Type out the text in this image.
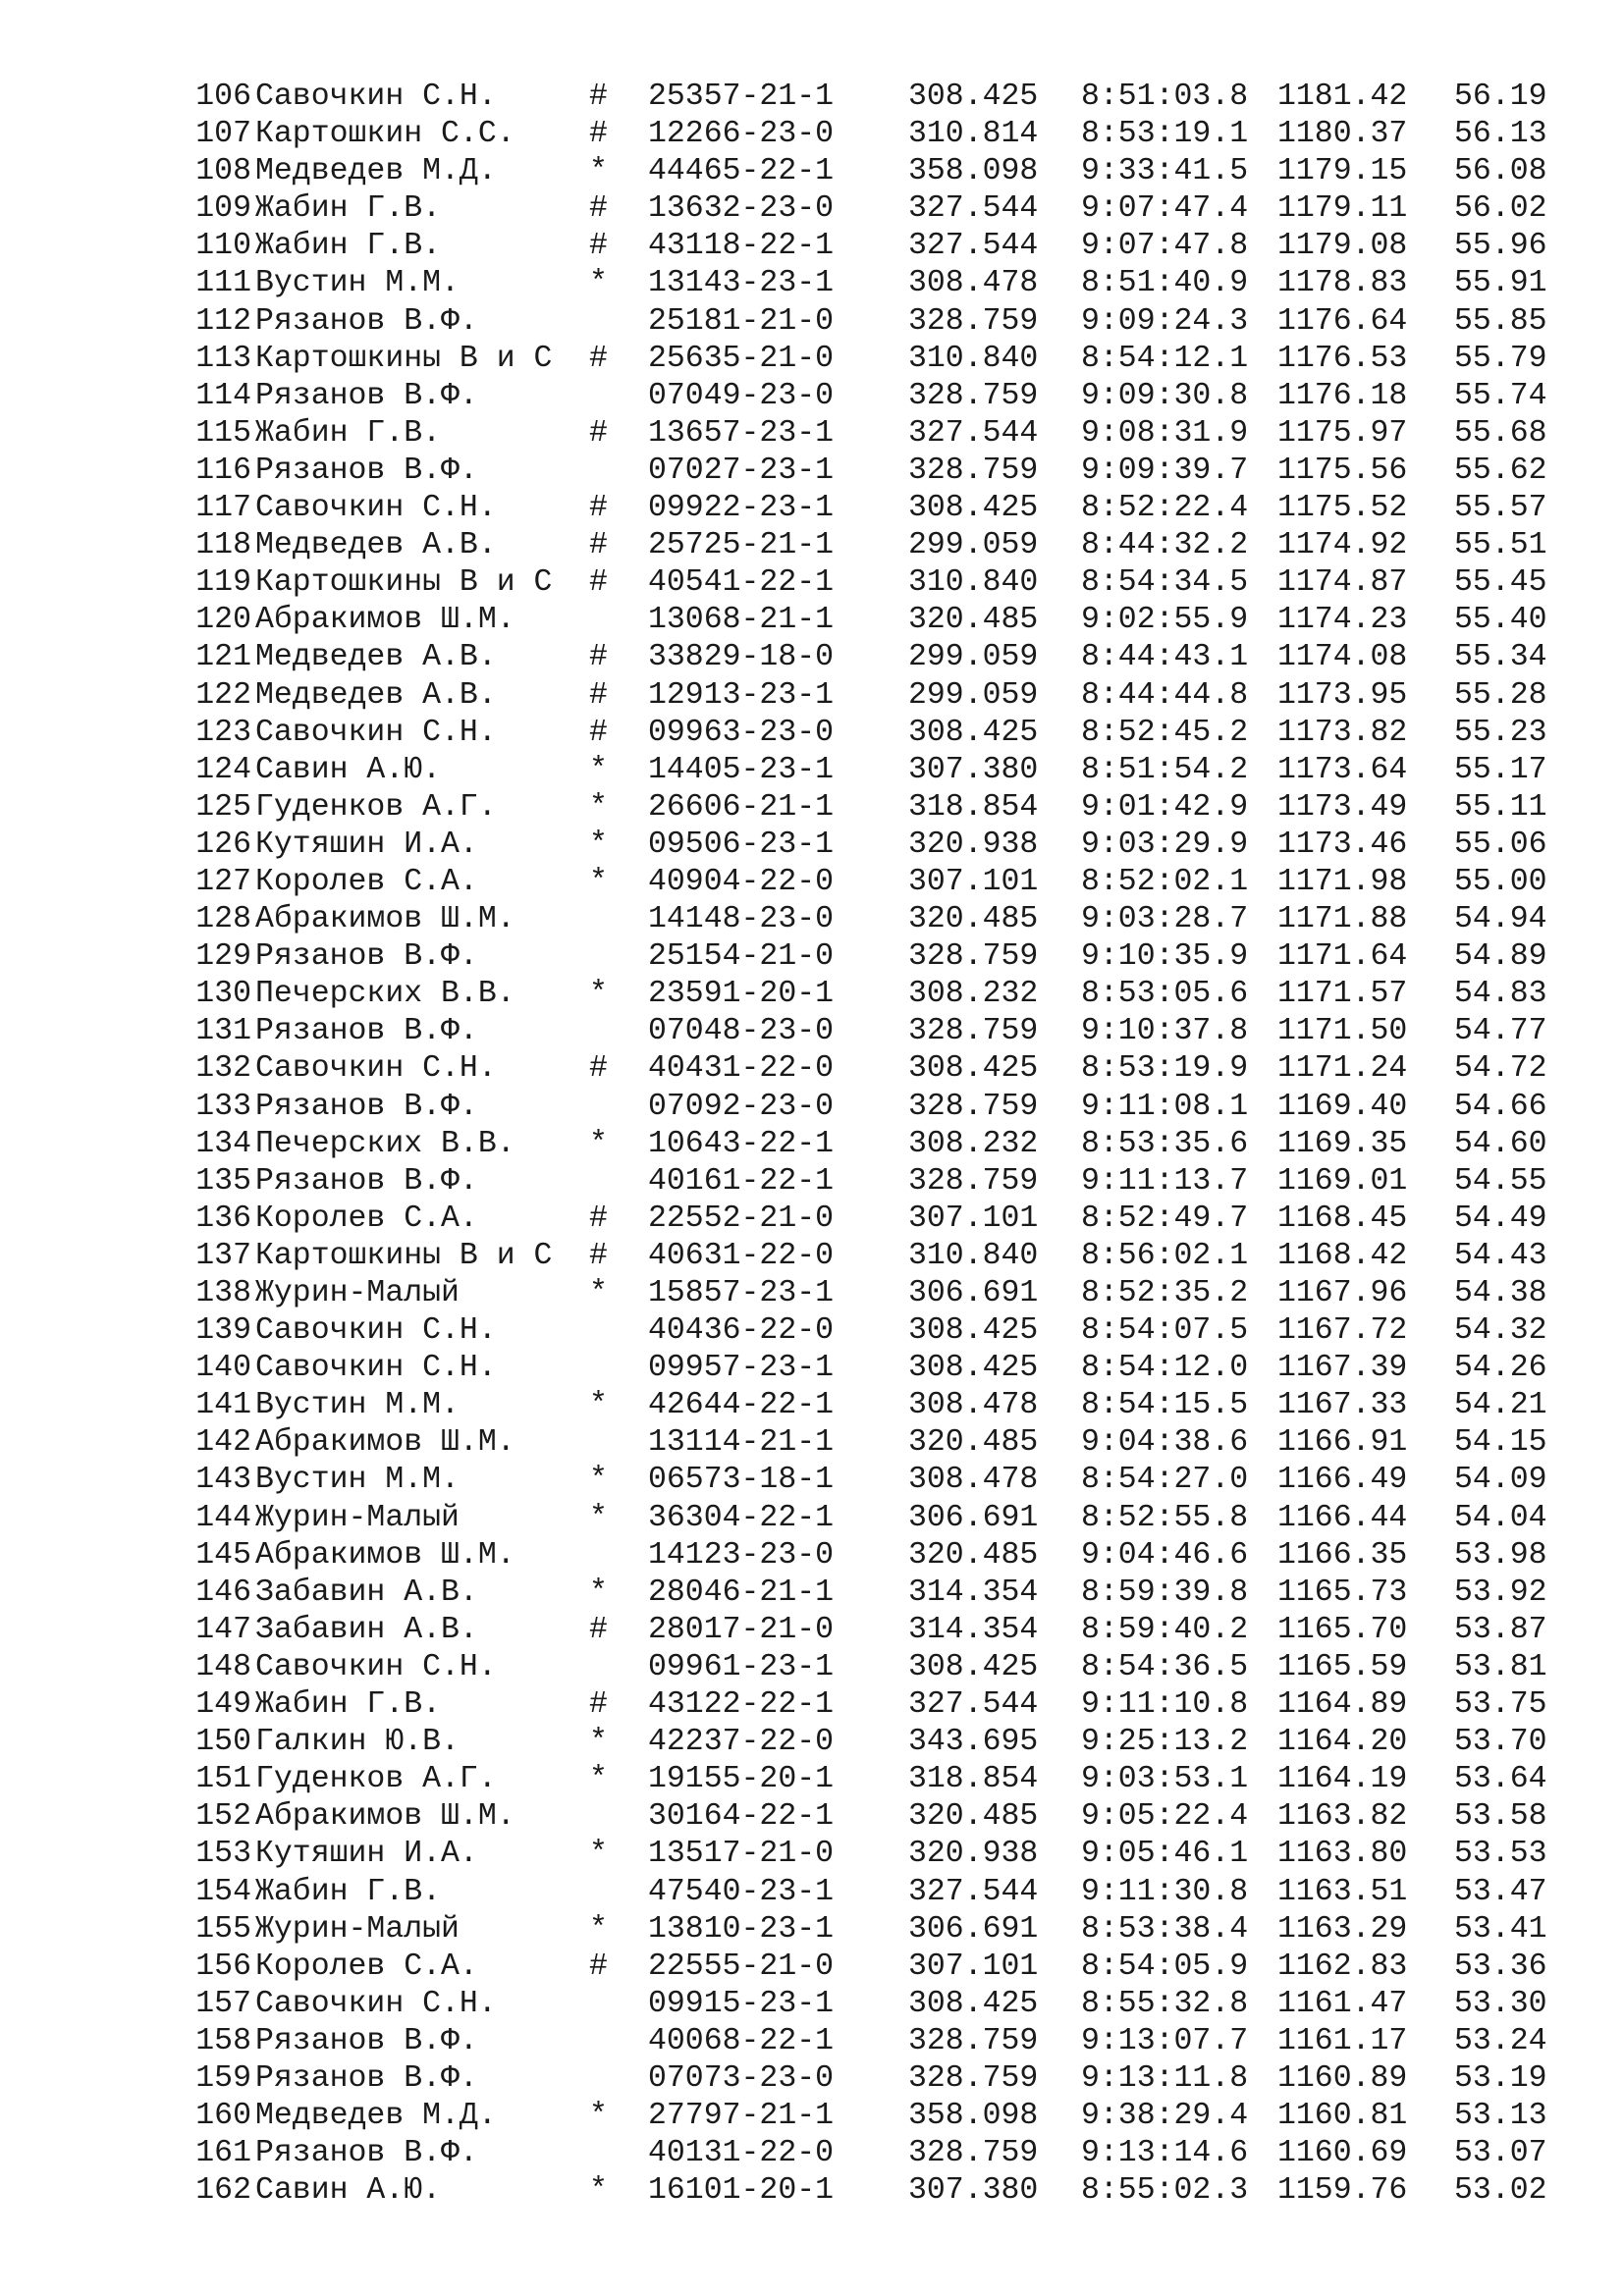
106 Савочкин С.Н.	# 25357-21-1 308.425 8:51:03.8 1181.42 56.19
107 Картошкин С.С. # 12266-23-0 310.814 8:53:19.1 1180.37 56.13
108 Медведев М.Д.	* 44465-22-1 358.098 9:33:41.5 1179.15 56.08
109 Жабин Г.В.	# 13632-23-0 327.544 9:07:47.4 1179.11 56.02
110 Жабин Г.В.	# 43118-22-1 327.544 9:07:47.8 1179.08 55.96
111 Вустин М.М.	* 13143-23-1 308.478 8:51:40.9 1178.83 55.91
112 Рязанов В.Ф.	25181-21-0 328.759 9:09:24.3 1176.64 55.85
113 Картошкины В и С # 25635-21-0 310.840 8:54:12.1 1176.53 55.79
114 Рязанов В.Ф.	07049-23-0 328.759 9:09:30.8 1176.18 55.74
115 Жабин Г.В.	# 13657-23-1 327.544 9:08:31.9 1175.97 55.68
116 Рязанов В.Ф.	07027-23-1 328.759 9:09:39.7 1175.56 55.62
117 Савочкин С.Н.	# 09922-23-1 308.425 8:52:22.4 1175.52 55.57
118 Медведев А.В.	# 25725-21-1 299.059 8:44:32.2 1174.92 55.51
119 Картошкины В и С # 40541-22-1 310.840 8:54:34.5 1174.87 55.45
120 Абракимов Ш.М.	13068-21-1 320.485 9:02:55.9 1174.23 55.40
121 Медведев А.В.	# 33829-18-0 299.059 8:44:43.1 1174.08 55.34
122 Медведев А.В.	# 12913-23-1 299.059 8:44:44.8 1173.95 55.28
123 Савочкин С.Н.	# 09963-23-0 308.425 8:52:45.2 1173.82 55.23
124 Савин А.Ю.	* 14405-23-1 307.380 8:51:54.2 1173.64 55.17
125 Гуденков А.Г.	* 26606-21-1 318.854 9:01:42.9 1173.49 55.11
126 Кутяшин И.А.	* 09506-23-1 320.938 9:03:29.9 1173.46 55.06
127 Королев С.А.	* 40904-22-0 307.101 8:52:02.1 1171.98 55.00
128 Абракимов Ш.М.	14148-23-0 320.485 9:03:28.7 1171.88 54.94
129 Рязанов В.Ф.	25154-21-0 328.759 9:10:35.9 1171.64 54.89
130 Печерских В.В. * 23591-20-1 308.232 8:53:05.6 1171.57 54.83
131 Рязанов В.Ф.	07048-23-0 328.759 9:10:37.8 1171.50 54.77
132 Савочкин С.Н.	# 40431-22-0 308.425 8:53:19.9 1171.24 54.72
133 Рязанов В.Ф.	07092-23-0 328.759 9:11:08.1 1169.40 54.66
134 Печерских В.В. * 10643-22-1 308.232 8:53:35.6 1169.35 54.60
135 Рязанов В.Ф.	40161-22-1 328.759 9:11:13.7 1169.01 54.55
136 Королев С.А.	# 22552-21-0 307.101 8:52:49.7 1168.45 54.49
137 Картошкины В и С # 40631-22-0 310.840 8:56:02.1 1168.42 54.43
138 Журин-Малый	* 15857-23-1 306.691 8:52:35.2 1167.96 54.38
139 Савочкин С.Н.	40436-22-0 308.425 8:54:07.5 1167.72 54.32
140 Савочкин С.Н.	09957-23-1 308.425 8:54:12.0 1167.39 54.26
141 Вустин М.М.	* 42644-22-1 308.478 8:54:15.5 1167.33 54.21
142 Абракимов Ш.М.	13114-21-1 320.485 9:04:38.6 1166.91 54.15
143 Вустин М.М.	* 06573-18-1 308.478 8:54:27.0 1166.49 54.09
144 Журин-Малый	* 36304-22-1 306.691 8:52:55.8 1166.44 54.04
145 Абракимов Ш.М.	14123-23-0 320.485 9:04:46.6 1166.35 53.98
146 Забавин А.В.	* 28046-21-1 314.354 8:59:39.8 1165.73 53.92
147 Забавин А.В.	# 28017-21-0 314.354 8:59:40.2 1165.70 53.87
148 Савочкин С.Н.	09961-23-1 308.425 8:54:36.5 1165.59 53.81
149 Жабин Г.В.	# 43122-22-1 327.544 9:11:10.8 1164.89 53.75
150 Галкин Ю.В.	* 42237-22-0 343.695 9:25:13.2 1164.20 53.70
151 Гуденков А.Г.	* 19155-20-1 318.854 9:03:53.1 1164.19 53.64
152 Абракимов Ш.М.	30164-22-1 320.485 9:05:22.4 1163.82 53.58
153 Кутяшин И.А.	* 13517-21-0 320.938 9:05:46.1 1163.80 53.53
154 Жабин Г.В.	47540-23-1 327.544 9:11:30.8 1163.51 53.47
155 Журин-Малый	* 13810-23-1 306.691 8:53:38.4 1163.29 53.41
156 Королев С.А.	# 22555-21-0 307.101 8:54:05.9 1162.83 53.36
157 Савочкин С.Н.	09915-23-1 308.425 8:55:32.8 1161.47 53.30
158 Рязанов В.Ф.	40068-22-1 328.759 9:13:07.7 1161.17 53.24
159 Рязанов В.Ф.	07073-23-0 328.759 9:13:11.8 1160.89 53.19
160 Медведев М.Д.	* 27797-21-1 358.098 9:38:29.4 1160.81 53.13
161 Рязанов В.Ф.	40131-22-0 328.759 9:13:14.6 1160.69 53.07
162 Савин А.Ю.	* 16101-20-1 307.380 8:55:02.3 1159.76 53.02
